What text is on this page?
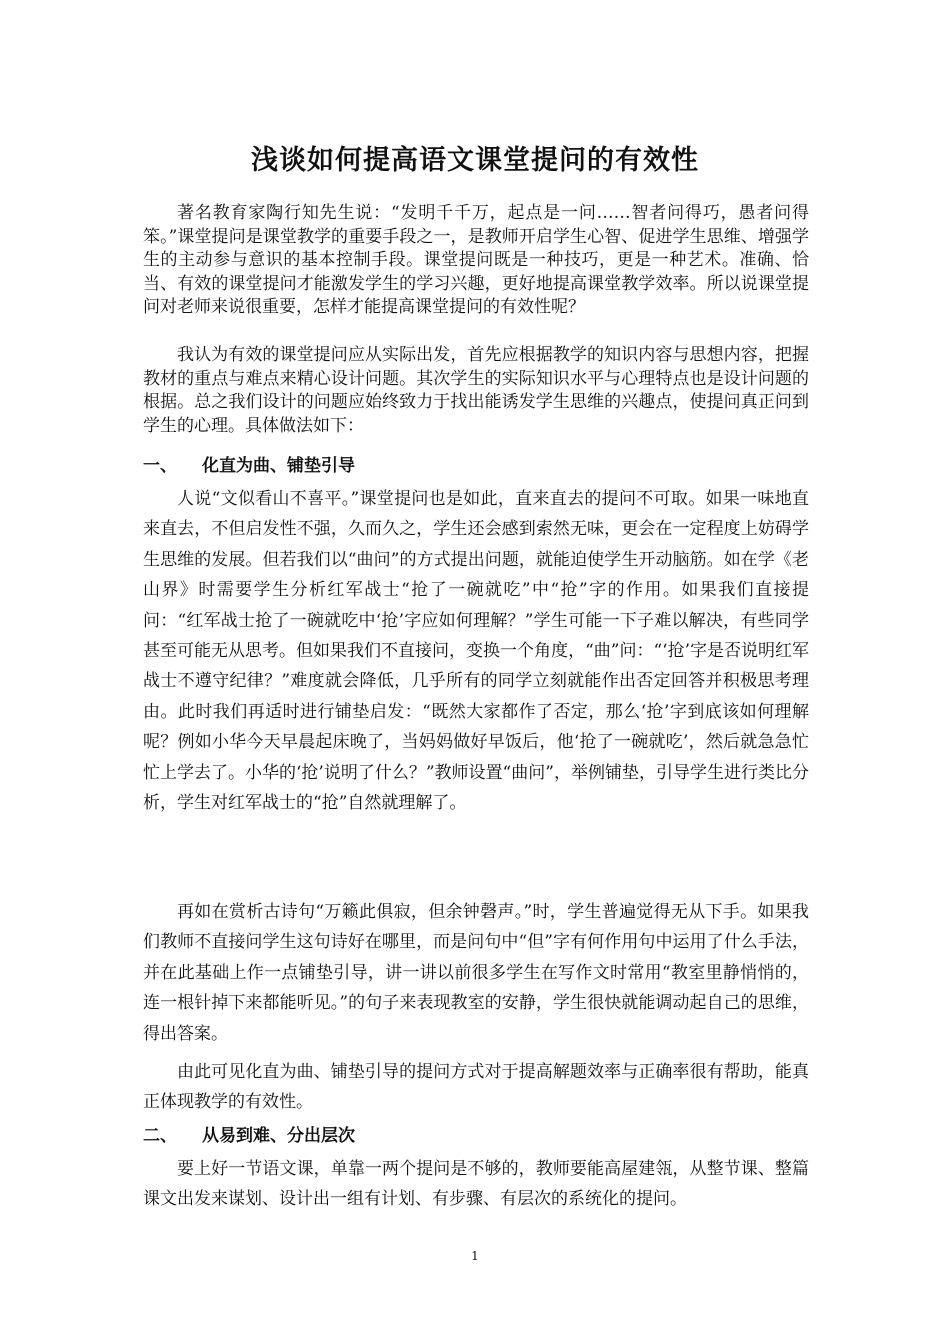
浅谈如何提高语文课堂提问的有效性

著名教育家陶行知先生说：“发明千千万，起点是一问……智者问得巧，愚者问得笨。”课堂提问是课堂教学的重要手段之一，是教师开启学生心智、促进学生思维、增强学生的主动参与意识的基本控制手段。课堂提问既是一种技巧，更是一种艺术。准确、恰当、有效的课堂提问才能激发学生的学习兴趣，更好地提高课堂教学效率。所以说课堂提问对老师来说很重要，怎样才能提高课堂提问的有效性呢？

我认为有效的课堂提问应从实际出发，首先应根据教学的知识内容与思想内容，把握教材的重点与难点来精心设计问题。其次学生的实际知识水平与心理特点也是设计问题的根据。总之我们设计的问题应始终致力于找出能诱发学生思维的兴趣点，使提问真正问到学生的心理。具体做法如下：

一、 化直为曲、铺垫引导

人说“文似看山不喜平。”课堂提问也是如此，直来直去的提问不可取。如果一味地直来直去，不但启发性不强，久而久之，学生还会感到索然无味，更会在一定程度上妨碍学生思维的发展。但若我们以“曲问”的方式提出问题，就能迫使学生开动脑筋。如在学《老山界》时需要学生分析红军战士“抢了一碗就吃”中“抢”字的作用。如果我们直接提问：“红军战士抢了一碗就吃中‘抢’字应如何理解？”学生可能一下子难以解决，有些同学甚至可能无从思考。但如果我们不直接问，变换一个角度，“曲”问：“‘抢’字是否说明红军战士不遵守纪律？”难度就会降低，几乎所有的同学立刻就能作出否定回答并积极思考理由。此时我们再适时进行铺垫启发：“既然大家都作了否定，那么‘抢’字到底该如何理解呢？例如小华今天早晨起床晚了，当妈妈做好早饭后，他‘抢了一碗就吃’，然后就急急忙忙上学去了。小华的‘抢’说明了什么？”教师设置“曲问”，举例铺垫，引导学生进行类比分析，学生对红军战士的“抢”自然就理解了。

再如在赏析古诗句“万籁此俱寂，但余钟磬声。”时，学生普遍觉得无从下手。如果我们教师不直接问学生这句诗好在哪里，而是问句中“但”字有何作用句中运用了什么手法，并在此基础上作一点铺垫引导，讲一讲以前很多学生在写作文时常用“教室里静悄悄的，连一根针掉下来都能听见。”的句子来表现教室的安静，学生很快就能调动起自己的思维，得出答案。

由此可见化直为曲、铺垫引导的提问方式对于提高解题效率与正确率很有帮助，能真正体现教学的有效性。

二、 从易到难、分出层次

要上好一节语文课，单靠一两个提问是不够的，教师要能高屋建瓴，从整节课、整篇课文出发来谋划、设计出一组有计划、有步骤、有层次的系统化的提问。

1
